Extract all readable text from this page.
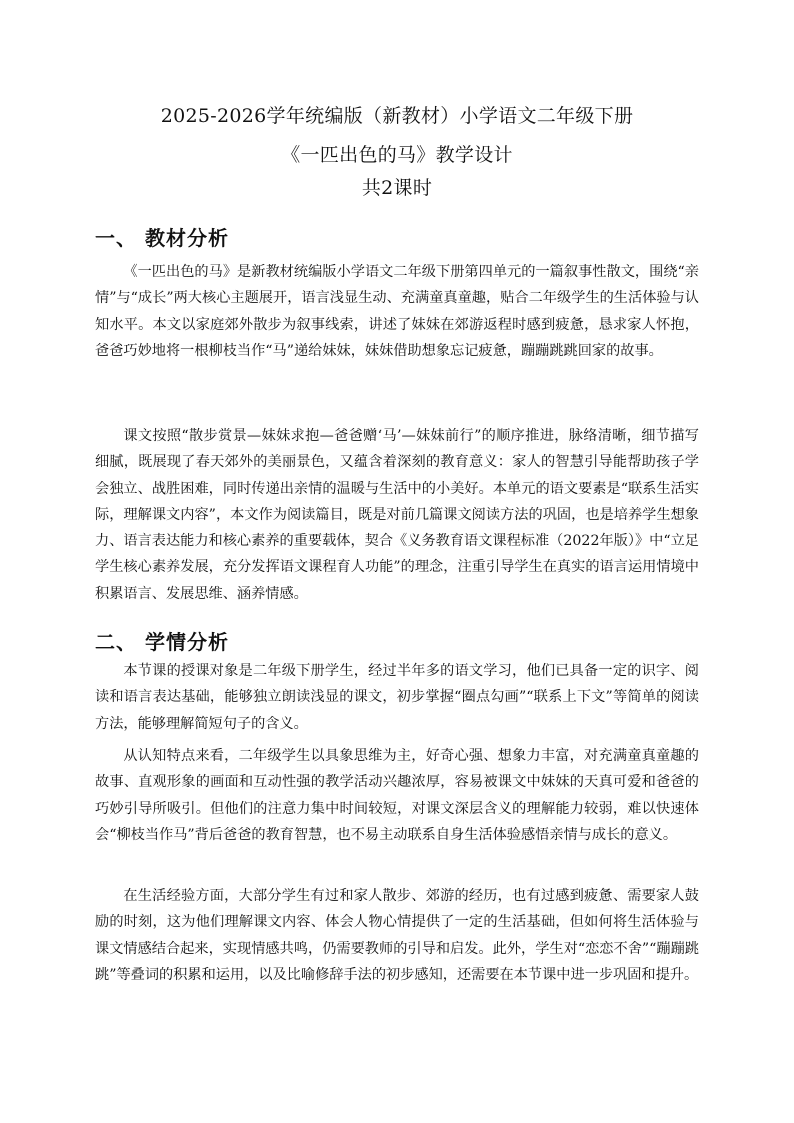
2025-2026学年统编版（新教材）小学语文二年级下册
《一匹出色的马》教学设计
共2课时
一、 教材分析

《一匹出色的马》是新教材统编版小学语文二年级下册第四单元的一篇叙事性散文，围绕“亲情”与“成长”两大核心主题展开，语言浅显生动、充满童真童趣，贴合二年级学生的生活体验与认知水平。本文以家庭郊外散步为叙事线索，讲述了妹妹在郊游返程时感到疲惫，恳求家人怀抱，爸爸巧妙地将一根柳枝当作“马”递给妹妹，妹妹借助想象忘记疲惫，蹦蹦跳跳回家的故事。

课文按照“散步赏景—妹妹求抱—爸爸赠‘马’—妹妹前行”的顺序推进，脉络清晰，细节描写细腻，既展现了春天郊外的美丽景色，又蕴含着深刻的教育意义：家人的智慧引导能帮助孩子学会独立、战胜困难，同时传递出亲情的温暖与生活中的小美好。本单元的语文要素是“联系生活实际，理解课文内容”，本文作为阅读篇目，既是对前几篇课文阅读方法的巩固，也是培养学生想象力、语言表达能力和核心素养的重要载体，契合《义务教育语文课程标准（2022年版）》中“立足学生核心素养发展，充分发挥语文课程育人功能”的理念，注重引导学生在真实的语言运用情境中积累语言、发展思维、涵养情感。

二、 学情分析

本节课的授课对象是二年级下册学生，经过半年多的语文学习，他们已具备一定的识字、阅读和语言表达基础，能够独立朗读浅显的课文，初步掌握“圈点勾画”“联系上下文”等简单的阅读方法，能够理解简短句子的含义。

从认知特点来看，二年级学生以具象思维为主，好奇心强、想象力丰富，对充满童真童趣的故事、直观形象的画面和互动性强的教学活动兴趣浓厚，容易被课文中妹妹的天真可爱和爸爸的巧妙引导所吸引。但他们的注意力集中时间较短，对课文深层含义的理解能力较弱，难以快速体会“柳枝当作马”背后爸爸的教育智慧，也不易主动联系自身生活体验感悟亲情与成长的意义。

在生活经验方面，大部分学生有过和家人散步、郊游的经历，也有过感到疲惫、需要家人鼓励的时刻，这为他们理解课文内容、体会人物心情提供了一定的生活基础，但如何将生活体验与课文情感结合起来，实现情感共鸣，仍需要教师的引导和启发。此外，学生对“恋恋不舍”“蹦蹦跳跳”等叠词的积累和运用，以及比喻修辞手法的初步感知，还需要在本节课中进一步巩固和提升。
